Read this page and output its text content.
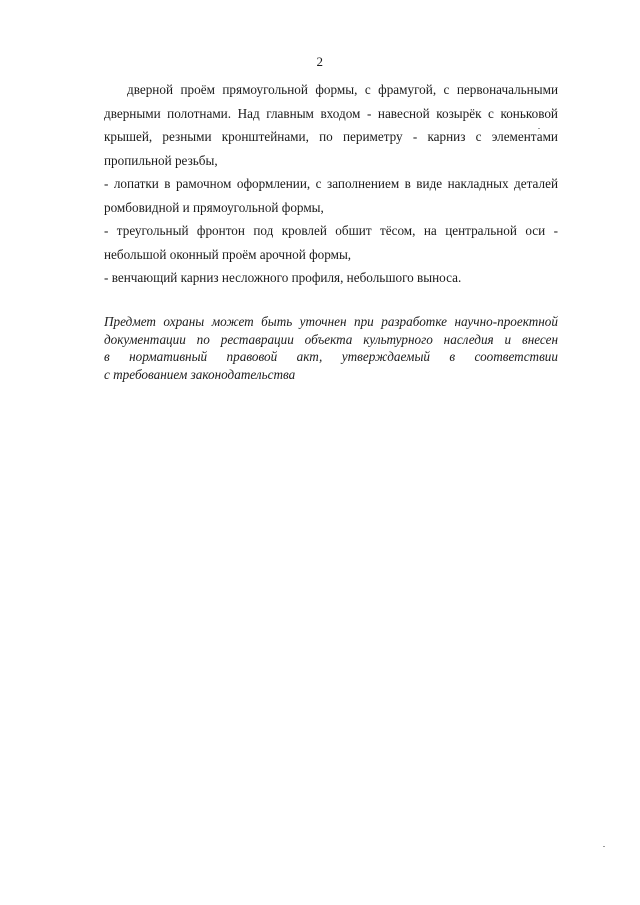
2

дверной проём прямоугольной формы, с фрамугой, с первоначальными дверными полотнами. Над главным входом - навесной козырёк с коньковой крышей, резными кронштейнами, по периметру - карниз с элементами пропильной резьбы,

- лопатки в рамочном оформлении, с заполнением в виде накладных деталей ромбовидной и прямоугольной формы,

- треугольный фронтон под кровлей обшит тёсом, на центральной оси - небольшой оконный проём арочной формы,

- венчающий карниз несложного профиля, небольшого выноса.

Предмет охраны может быть уточнен при разработке научно-проектной
документации по реставрации объекта культурного наследия и внесен
в нормативный правовой акт, утверждаемый в соответствии
с требованием законодательства
